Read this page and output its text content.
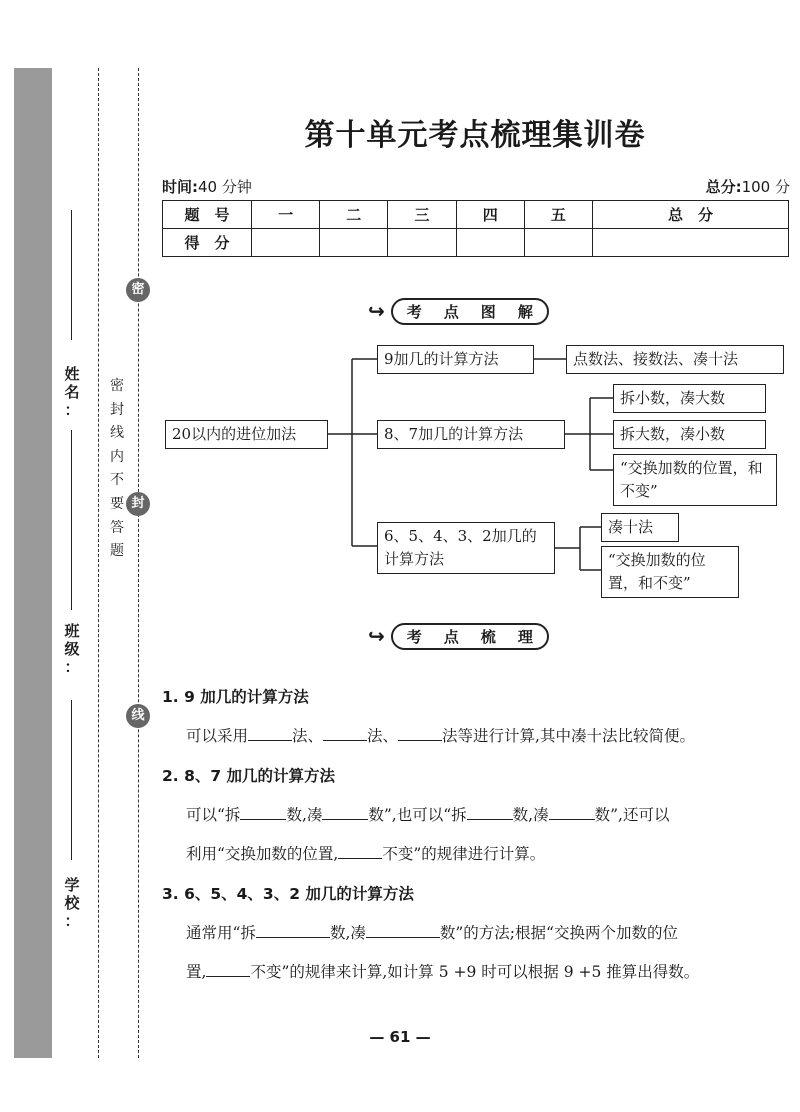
姓
名
：
班
级
：
学
校
：
密
封
线
密封线内不要答题
第十单元考点梳理集训卷
时间:40 分钟	总分:100 分
题　号	一	二	三	四	五	总　分
得　分						
↪ 考 点 图 解
20以内的进位加法
9加几的计算方法	点数法、接数法、凑十法
8、7加几的计算方法
拆小数，凑大数
拆大数，凑小数
“交换加数的位置，和不变”
6、5、4、3、2加几的计算方法
凑十法
“交换加数的位置，和不变”
↪ 考 点 梳 理
1. 9 加几的计算方法
可以采用	法、	法、	法等进行计算,其中凑十法比较简便。
2. 8、7 加几的计算方法
可以“拆	数,凑	数”,也可以“拆	数,凑	数”,还可以
利用“交换加数的位置,	不变”的规律进行计算。
3. 6、5、4、3、2 加几的计算方法
通常用“拆	数,凑	数”的方法;根据“交换两个加数的位
置,	不变”的规律来计算,如计算 5 +9 时可以根据 9 +5 推算出得数。
— 61 —
